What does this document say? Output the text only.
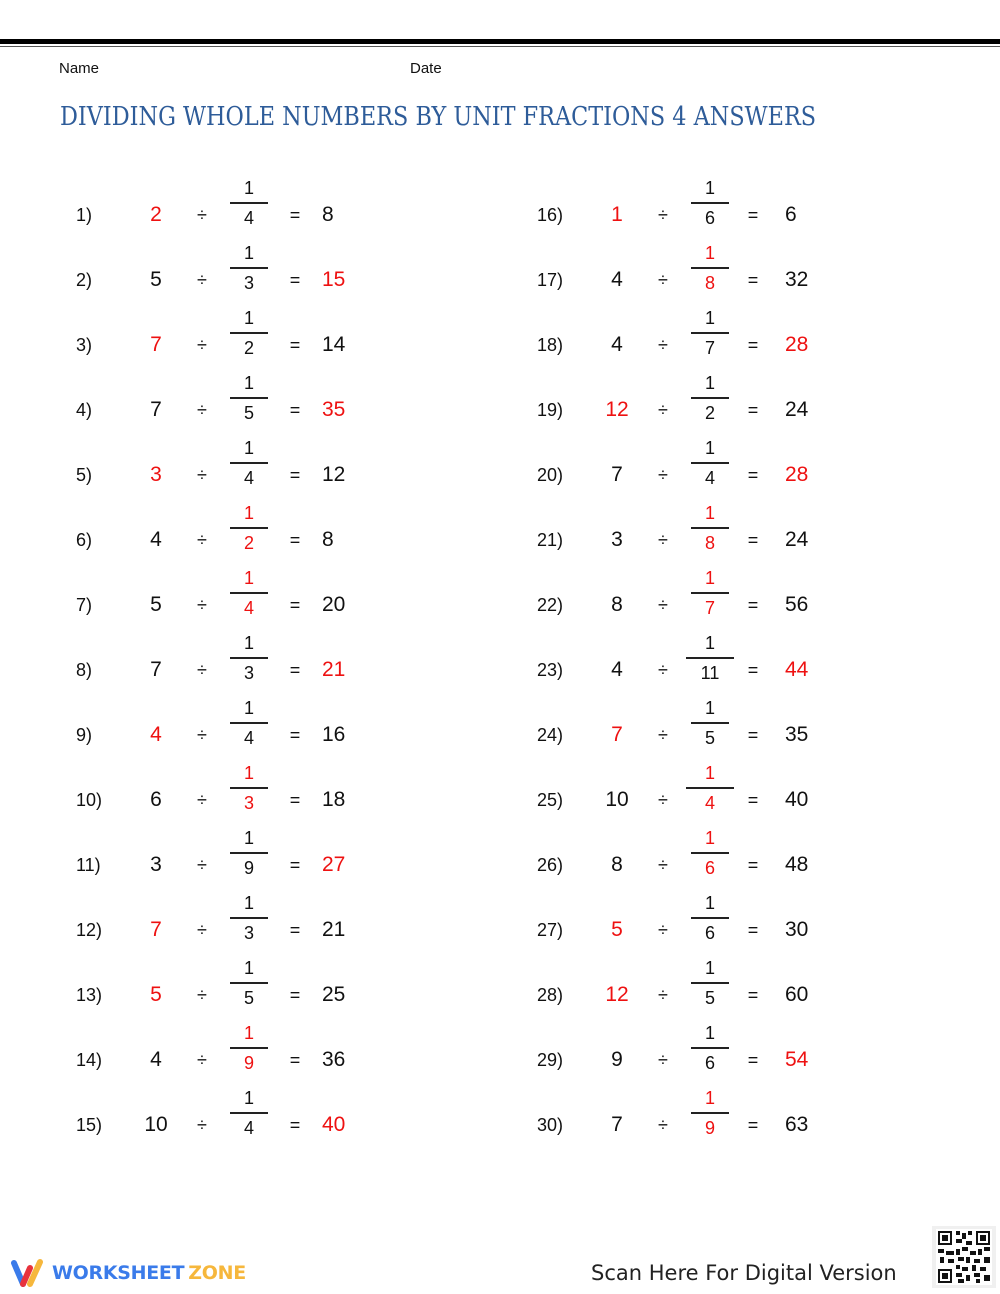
Name	Date
DIVIDING WHOLE NUMBERS BY UNIT FRACTIONS 4 ANSWERS
1)	2	÷
1
4	= 8
2)	5	÷
1
3	= 15
3)	7	÷
1
2	= 14
4)	7	÷
1
5	= 35
5)	3	÷
1
4	= 12
6)	4	÷
1
2	= 8
7)	5	÷
1
4	= 20
8)	7	÷
1
3	= 21
9)	4	÷
1
4	= 16
10)	6	÷
1
3	= 18
11)	3	÷
1
9	= 27
12)	7	÷
1
3	= 21
13)	5	÷
1
5	= 25
14)	4	÷
1
9	= 36
15)	10	÷
1
4	= 40
16)	1	÷
1
6	= 6
17)	4	÷
1
8	= 32
18)	4	÷
1
7	= 28
19)	12	÷
1
2	= 24
20)	7	÷
1
4	= 28
21)	3	÷
1
8	= 24
22)	8	÷
1
7	= 56
23)	4	÷
1
11	= 44
24)	7	÷
1
5	= 35
25)	10	÷
1
4	= 40
26)	8	÷
1
6	= 48
27)	5	÷
1
6	= 30
28)	12	÷
1
5	= 60
29)	9	÷
1
6	= 54
30)	7	÷
1
9	= 63
WORKSHEET ZONE	Scan Here For Digital Version
